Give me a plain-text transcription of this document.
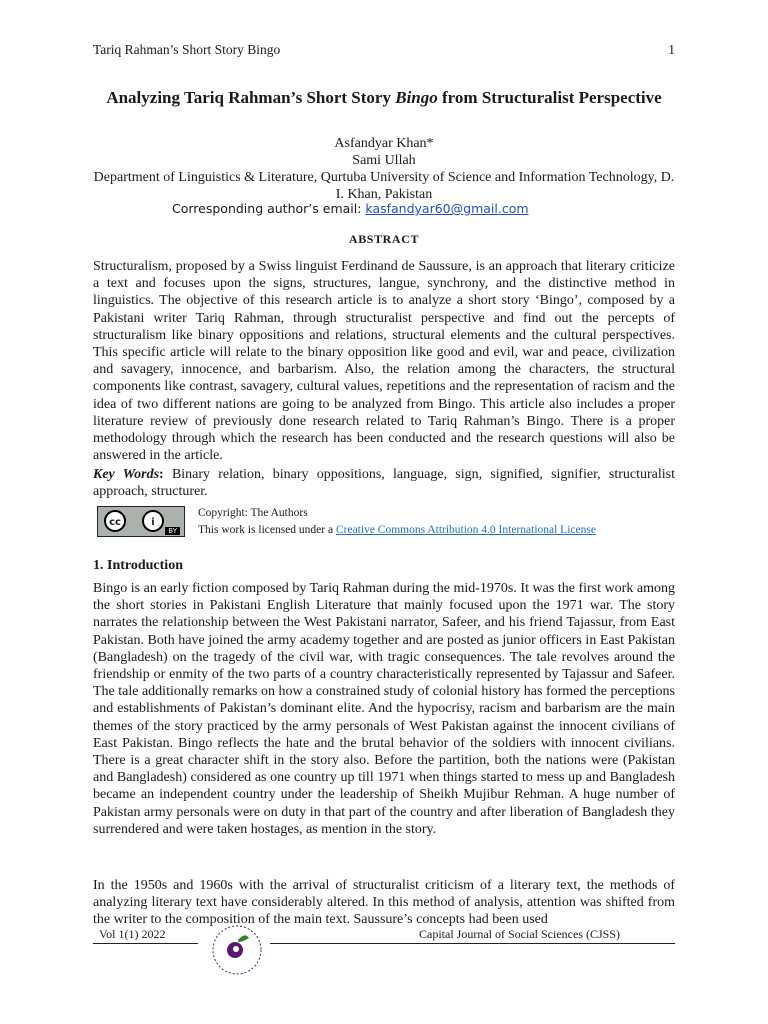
Tariq Rahman’s Short Story Bingo	1
Analyzing Tariq Rahman’s Short Story Bingo from Structuralist Perspective
Asfandyar Khan*
Sami Ullah
Department of Linguistics & Literature, Qurtuba University of Science and Information Technology, D. I. Khan, Pakistan
Corresponding author’s email: kasfandyar60@gmail.com
ABSTRACT

Structuralism, proposed by a Swiss linguist Ferdinand de Saussure, is an approach that literary criticize a text and focuses upon the signs, structures, langue, synchrony, and the distinctive method in linguistics. The objective of this research article is to analyze a short story ‘Bingo’, composed by a Pakistani writer Tariq Rahman, through structuralist perspective and find out the percepts of structuralism like binary oppositions and relations, structural elements and the cultural perspectives. This specific article will relate to the binary opposition like good and evil, war and peace, civilization and savagery, innocence, and barbarism. Also, the relation among the characters, the structural components like contrast, savagery, cultural values, repetitions and the representation of racism and the idea of two different nations are going to be analyzed from Bingo. This article also includes a proper literature review of previously done research related to Tariq Rahman’s Bingo. There is a proper methodology through which the research has been conducted and the research questions will also be answered in the article.

Key Words: Binary relation, binary oppositions, language, sign, signified, signifier, structuralist approach, structurer.

cc	i
BY
Copyright: The Authors
This work is licensed under a Creative Commons Attribution 4.0 International License
1. Introduction

Bingo is an early fiction composed by Tariq Rahman during the mid-1970s. It was the first work among the short stories in Pakistani English Literature that mainly focused upon the 1971 war. The story narrates the relationship between the West Pakistani narrator, Safeer, and his friend Tajassur, from East Pakistan. Both have joined the army academy together and are posted as junior officers in East Pakistan (Bangladesh) on the tragedy of the civil war, with tragic consequences. The tale revolves around the friendship or enmity of the two parts of a country characteristically represented by Tajassur and Safeer. The tale additionally remarks on how a constrained study of colonial history has formed the perceptions and establishments of Pakistan’s dominant elite. And the hypocrisy, racism and barbarism are the main themes of the story practiced by the army personals of West Pakistan against the innocent civilians of East Pakistan. Bingo reflects the hate and the brutal behavior of the soldiers with innocent civilians. There is a great character shift in the story also. Before the partition, both the nations were (Pakistan and Bangladesh) considered as one country up till 1971 when things started to mess up and Bangladesh became an independent country under the leadership of Sheikh Mujibur Rehman. A huge number of Pakistan army personals were on duty in that part of the country and after liberation of Bangladesh they surrendered and were taken hostages, as mention in the story.

In the 1950s and 1960s with the arrival of structuralist criticism of a literary text, the methods of analyzing literary text have considerably altered. In this method of analysis, attention was shifted from the writer to the composition of the main text. Saussure’s concepts had been used

Vol 1(1) 2022	Capital Journal of Social Sciences (CJSS)
